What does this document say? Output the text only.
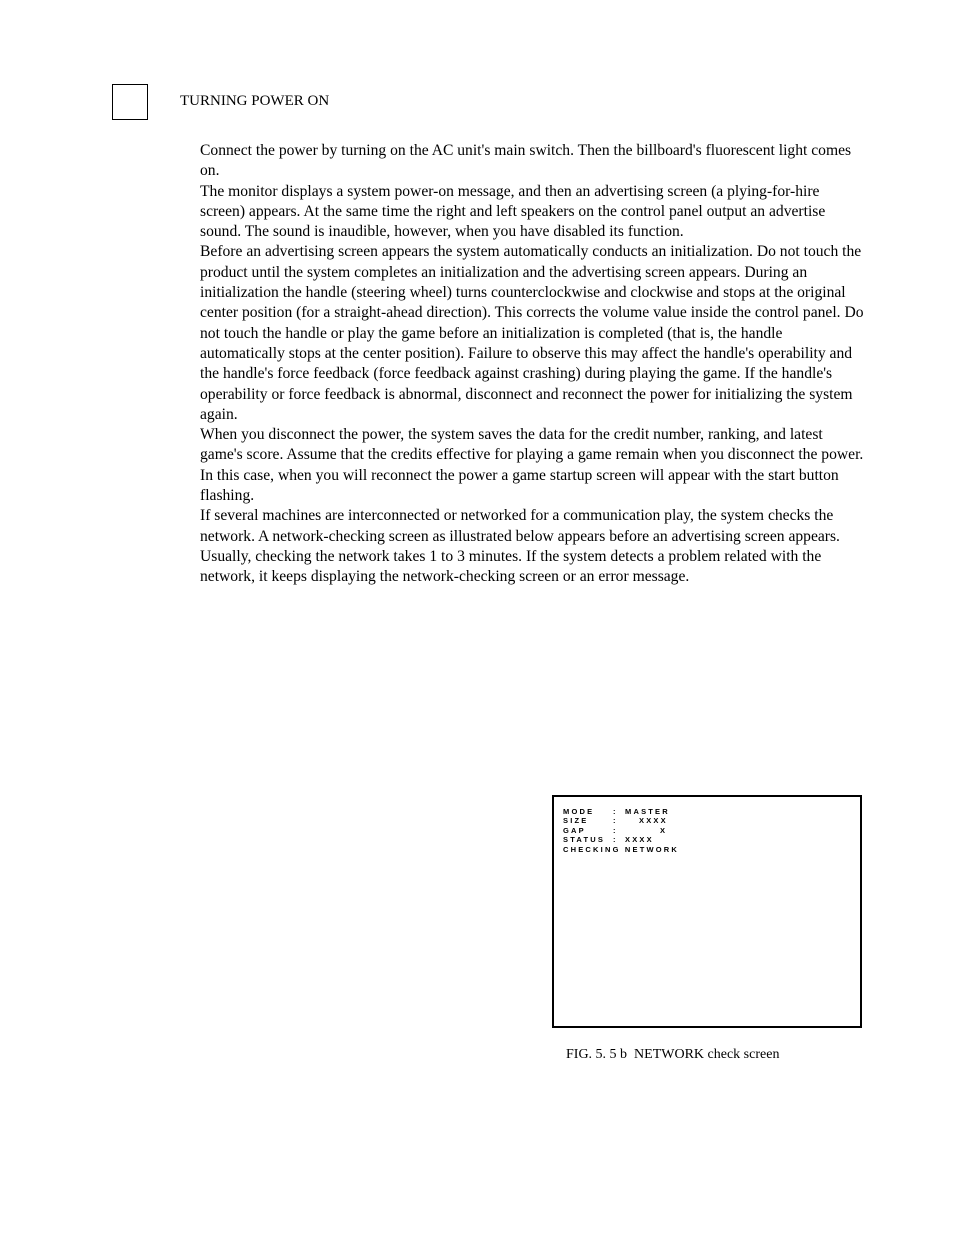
TURNING POWER ON

Connect the power by turning on the AC unit's main switch. Then the billboard's fluorescent light comes on.

The monitor displays a system power-on message, and then an advertising screen (a plying-for-hire screen) appears. At the same time the right and left speakers on the control panel output an advertise sound. The sound is inaudible, however, when you have disabled its function.

Before an advertising screen appears the system automatically conducts an initialization. Do not touch the product until the system completes an initialization and the advertising screen appears. During an initialization the handle (steering wheel) turns counterclockwise and clockwise and stops at the original center position (for a straight-ahead direction). This corrects the volume value inside the control panel. Do not touch the handle or play the game before an initialization is completed (that is, the handle automatically stops at the center position). Failure to observe this may affect the handle's operability and the handle's force feedback (force feedback against crashing) during playing the game. If the handle's operability or force feedback is abnormal, disconnect and reconnect the power for initializing the system again.

When you disconnect the power, the system saves the data for the credit number, ranking, and latest game's score. Assume that the credits effective for playing a game remain when you disconnect the power. In this case, when you will reconnect the power a game startup screen will appear with the start button flashing.

If several machines are interconnected or networked for a communication play, the system checks the network. A network-checking screen as illustrated below appears before an advertising screen appears. Usually, checking the network takes 1 to 3 minutes. If the system detects a problem related with the network, it keeps displaying the network-checking screen or an error message.

MODE : MASTER
SIZE	:	XXXX
GAP	:	X
STATUS : XXXX
CHECKING NETWORK
FIG. 5. 5 b  NETWORK check screen
